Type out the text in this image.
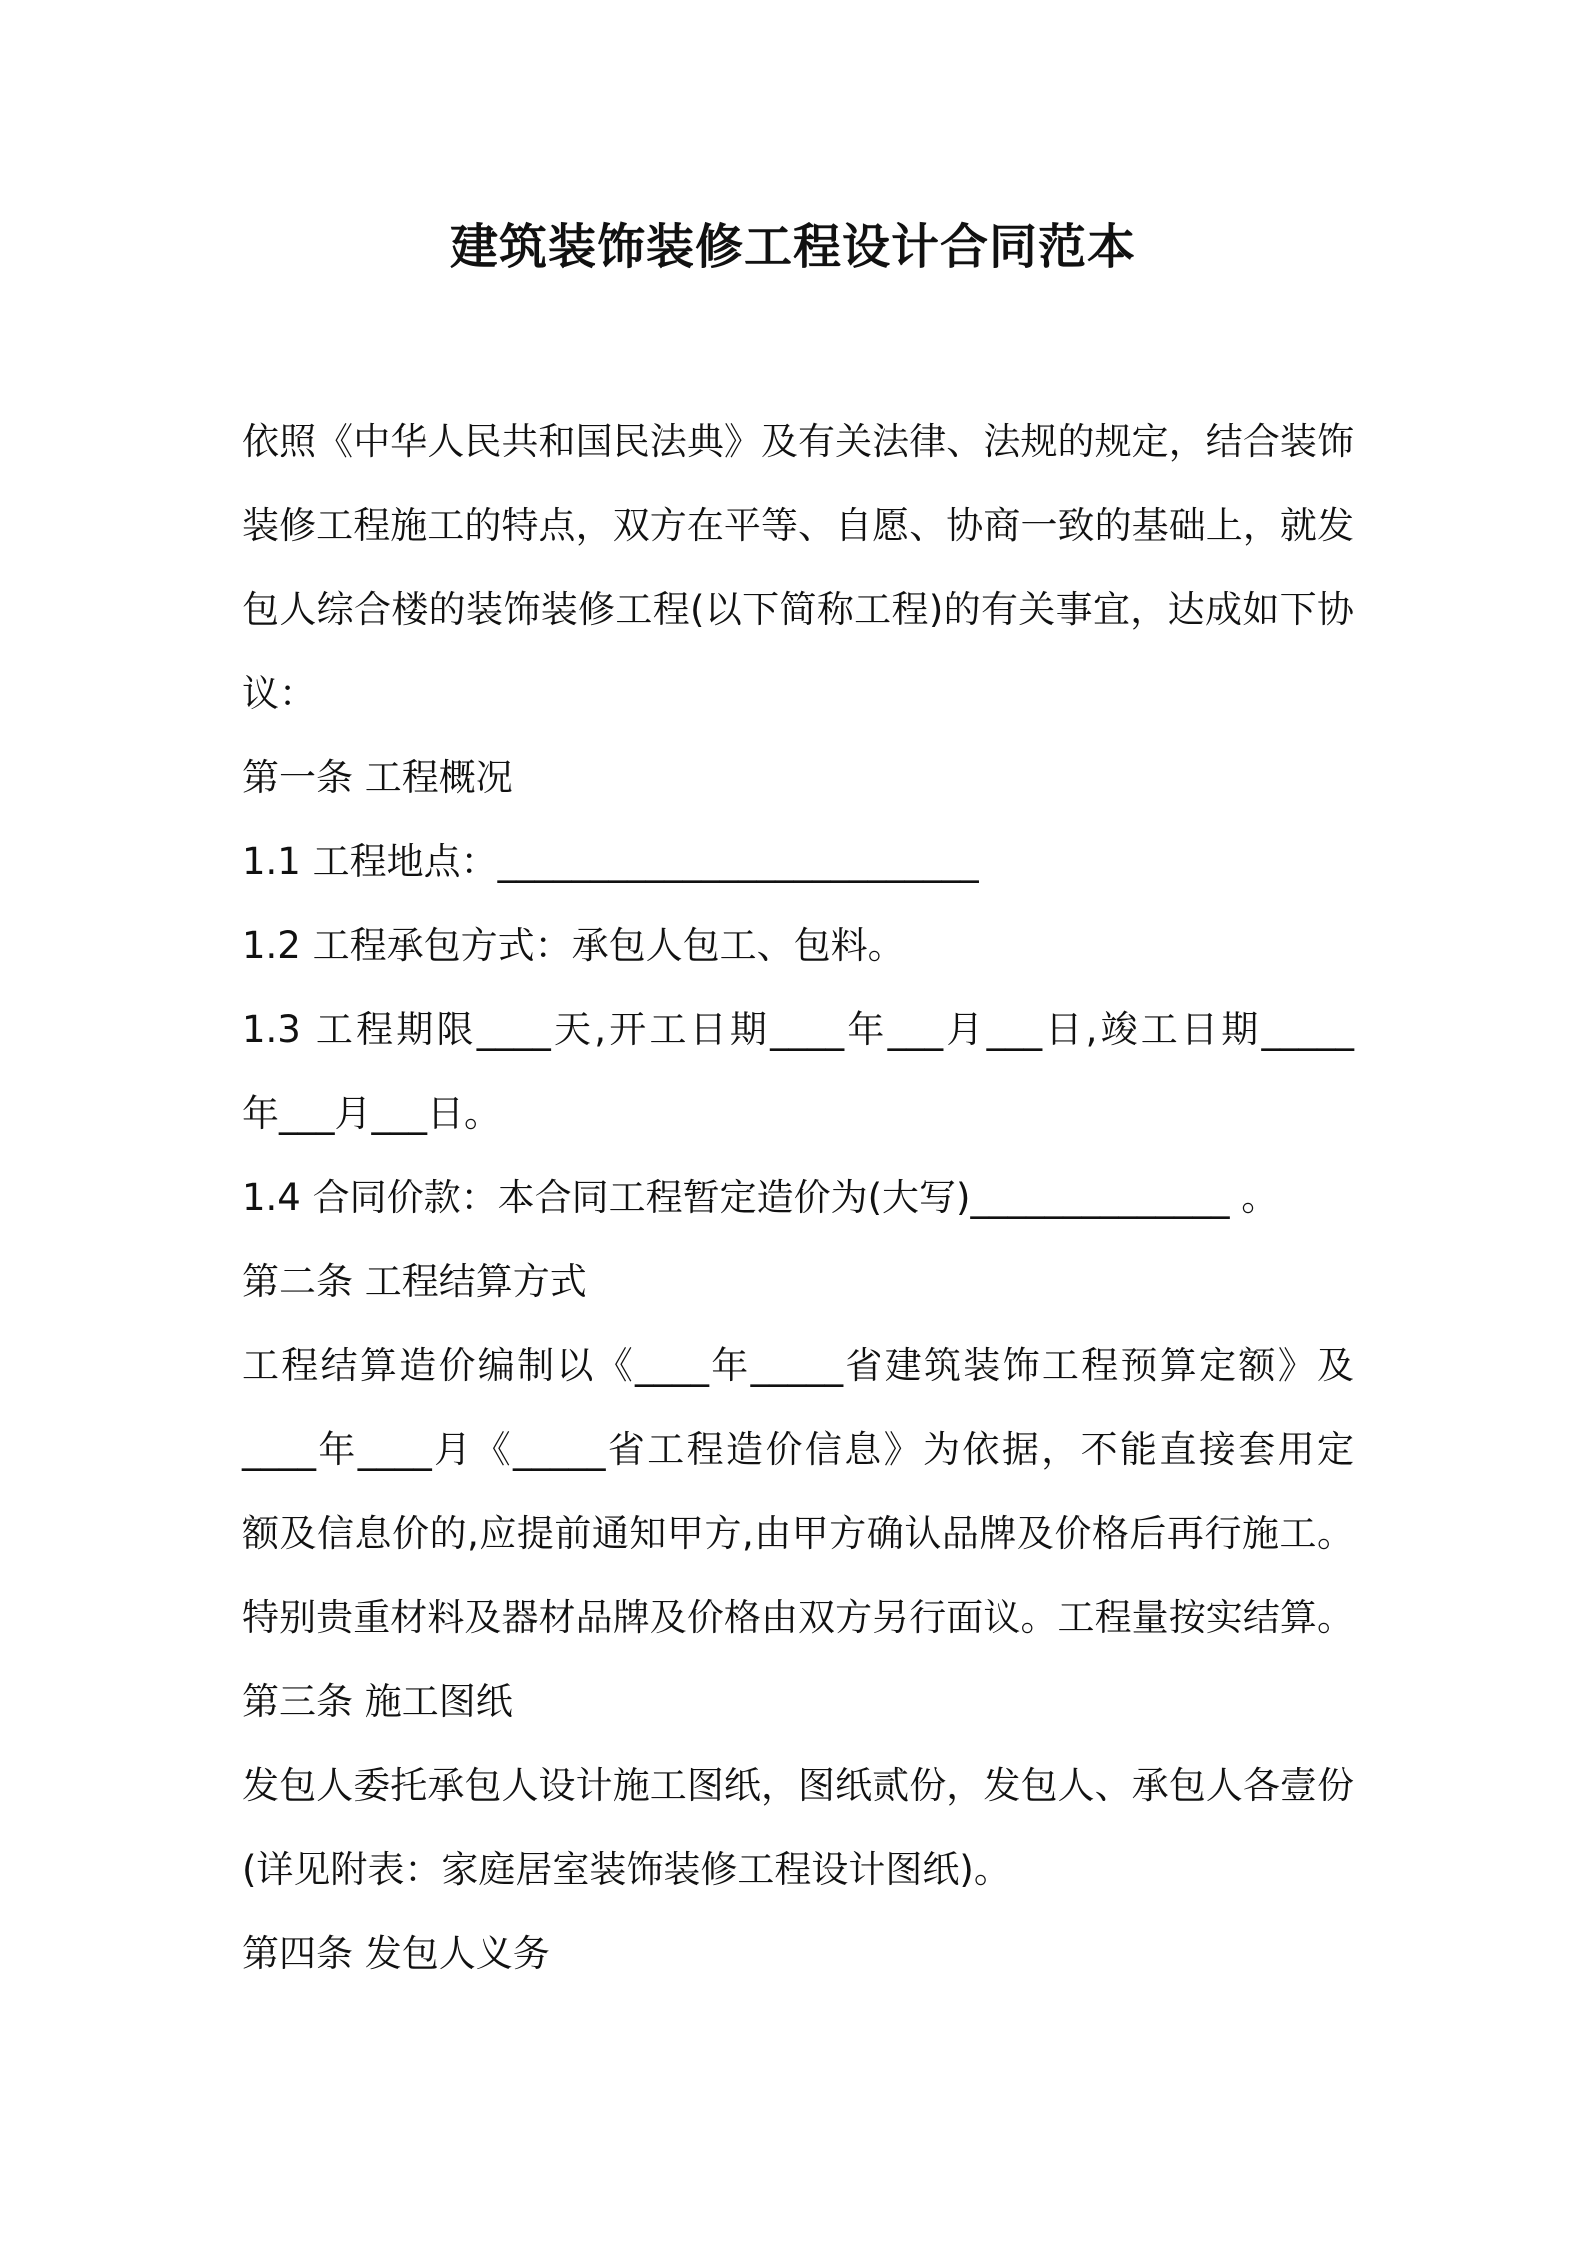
建筑装饰装修工程设计合同范本
依照《中华人民共和国民法典》及有关法律、法规的规定，结合装饰
装修工程施工的特点，双方在平等、自愿、协商一致的基础上，就发
包人综合楼的装饰装修工程(以下简称工程)的有关事宜，达成如下协
议：
第一条 工程概况
1.1 工程地点：__________________________
1.2 工程承包方式：承包人包工、包料。
1.3 工程期限____天,开工日期____年___月___日,竣工日期_____
年___月___日。
1.4 合同价款：本合同工程暂定造价为(大写)______________ 。
第二条 工程结算方式
工程结算造价编制以《____年_____省建筑装饰工程预算定额》及
____年____月《_____省工程造价信息》为依据，不能直接套用定
额及信息价的,应提前通知甲方,由甲方确认品牌及价格后再行施工。
特别贵重材料及器材品牌及价格由双方另行面议。工程量按实结算。
第三条 施工图纸
发包人委托承包人设计施工图纸，图纸贰份，发包人、承包人各壹份
(详见附表：家庭居室装饰装修工程设计图纸)。
第四条 发包人义务
